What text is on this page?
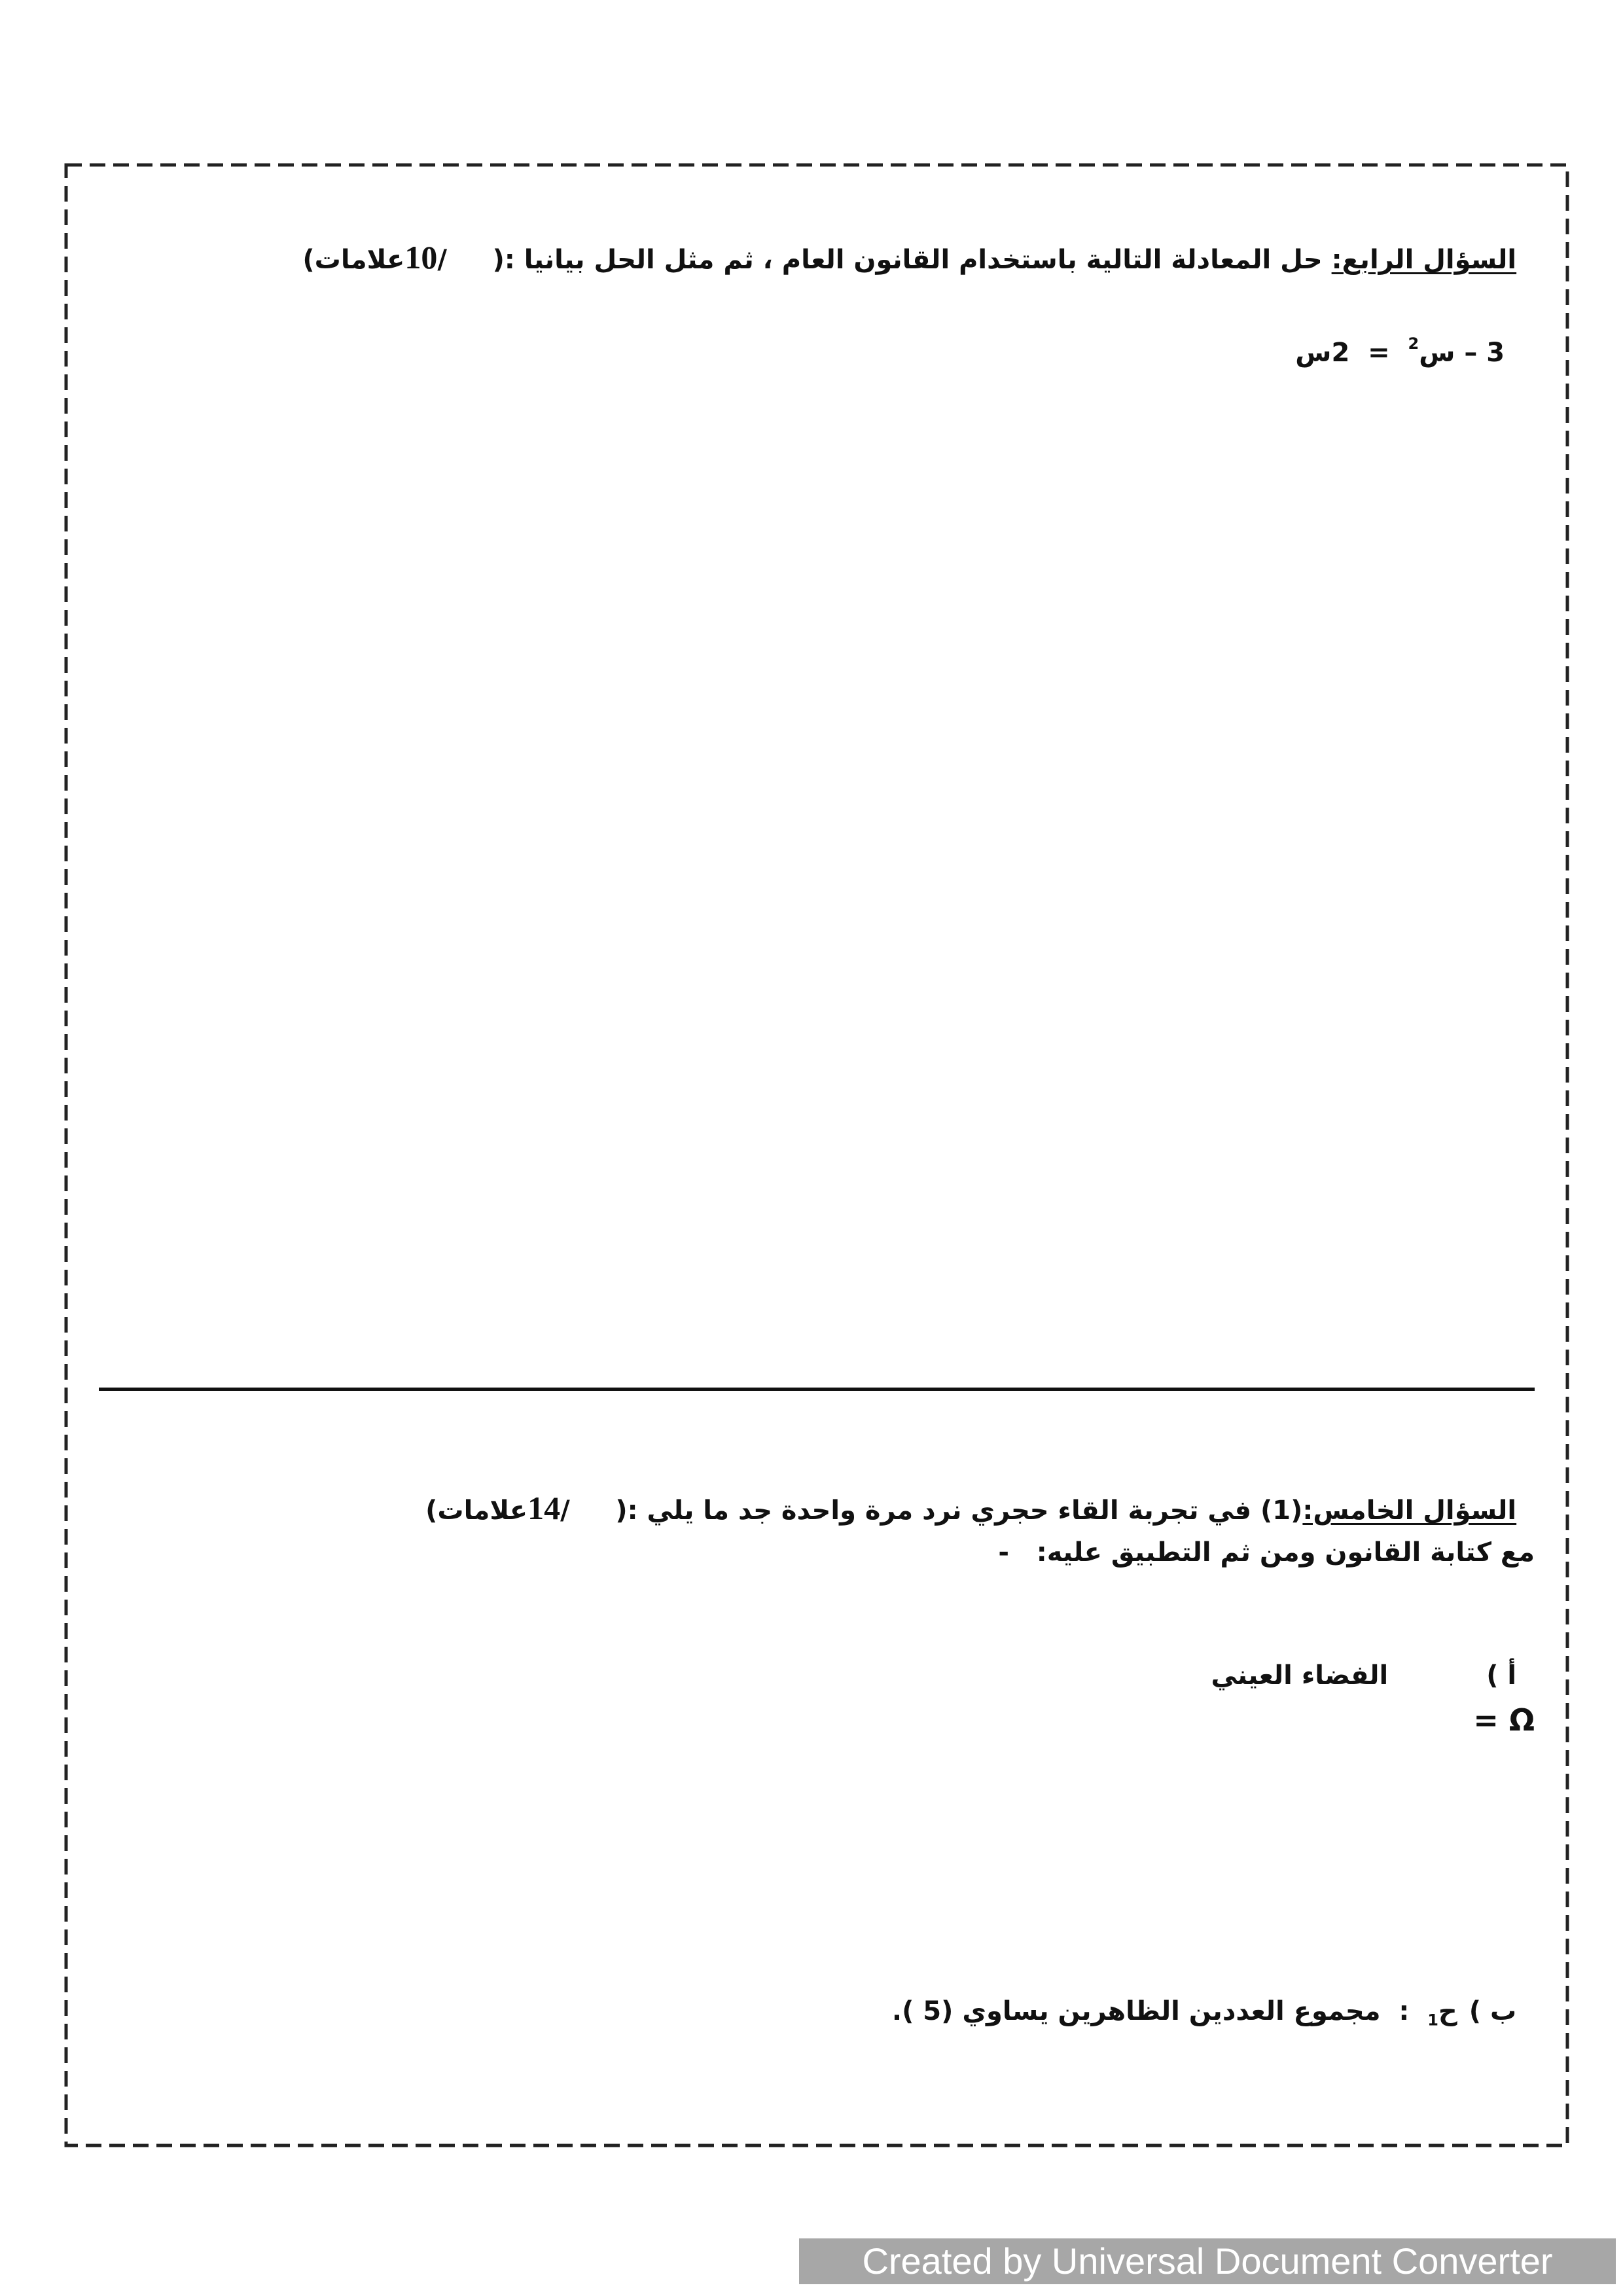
السؤال الرابع: حل المعادلة التالية باستخدام القانون العام ، ثم مثل الحل بيانيا :(     /10علامات)

3 – س$^2$  =  2س

السؤال الخامس:(1) في تجربة القاء حجري نرد مرة واحدة جد ما يلي :(     /14علامات)

مع كتابة القانون ومن ثم التطبيق عليه:   -

أ )الفضاء العيني

Ω =

ب )ح$_1$  :  مجموع العددين الظاهرين يساوي (5 ).

Created by Universal Document Converter
